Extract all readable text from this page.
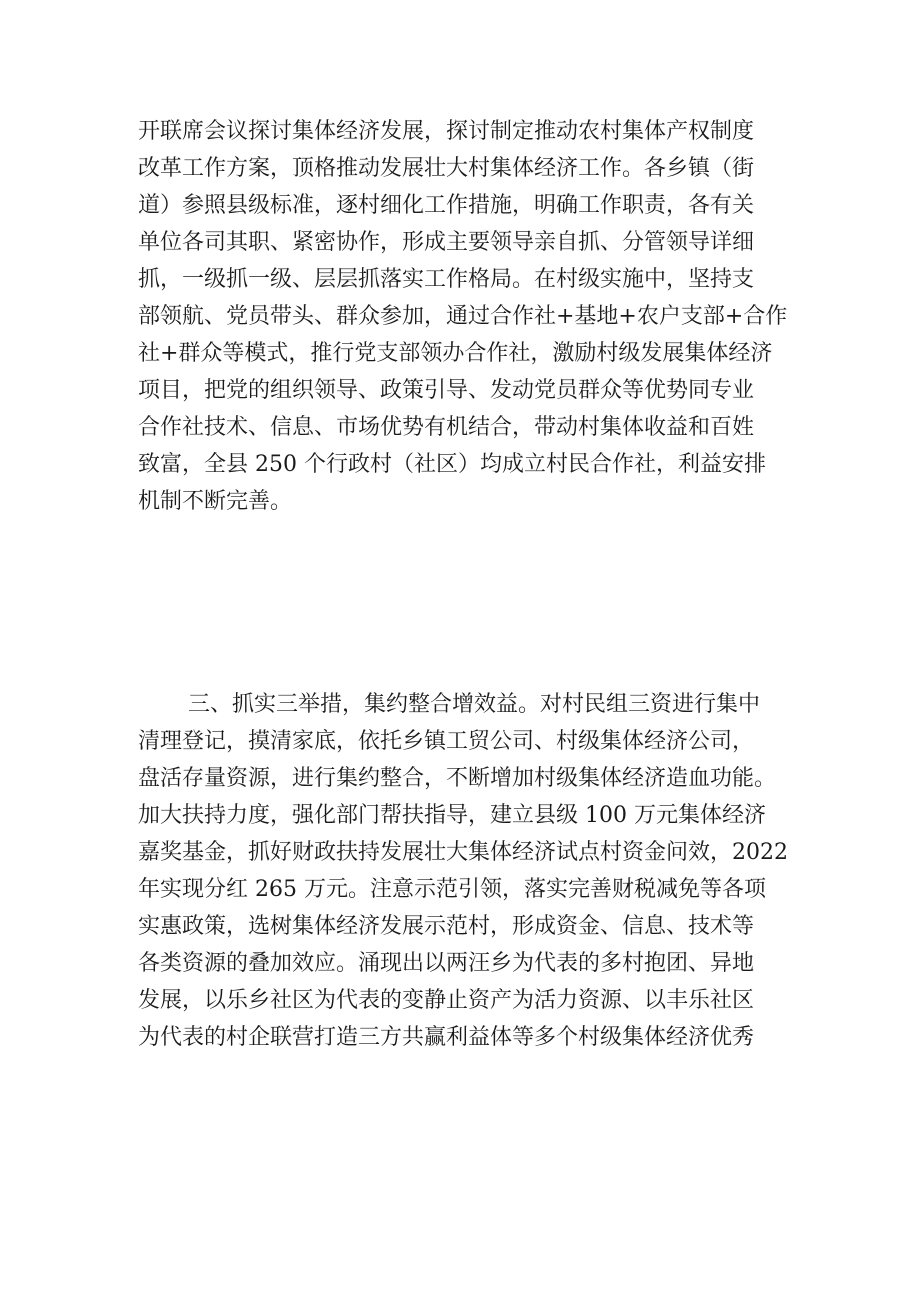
开联席会议探讨集体经济发展，探讨制定推动农村集体产权制度
改革工作方案，顶格推动发展壮大村集体经济工作。各乡镇（街
道）参照县级标准，逐村细化工作措施，明确工作职责，各有关
单位各司其职、紧密协作，形成主要领导亲自抓、分管领导详细
抓，一级抓一级、层层抓落实工作格局。在村级实施中，坚持支
部领航、党员带头、群众参加，通过合作社+基地+农户支部+合作
社+群众等模式，推行党支部领办合作社，激励村级发展集体经济
项目，把党的组织领导、政策引导、发动党员群众等优势同专业
合作社技术、信息、市场优势有机结合，带动村集体收益和百姓
致富，全县 250 个行政村（社区）均成立村民合作社，利益安排
机制不断完善。
三、抓实三举措，集约整合增效益。对村民组三资进行集中
清理登记，摸清家底，依托乡镇工贸公司、村级集体经济公司，
盘活存量资源，进行集约整合，不断增加村级集体经济造血功能。
加大扶持力度，强化部门帮扶指导，建立县级 100 万元集体经济
嘉奖基金，抓好财政扶持发展壮大集体经济试点村资金问效，2022
年实现分红 265 万元。注意示范引领，落实完善财税减免等各项
实惠政策，选树集体经济发展示范村，形成资金、信息、技术等
各类资源的叠加效应。涌现出以两汪乡为代表的多村抱团、异地
发展，以乐乡社区为代表的变静止资产为活力资源、以丰乐社区
为代表的村企联营打造三方共赢利益体等多个村级集体经济优秀
